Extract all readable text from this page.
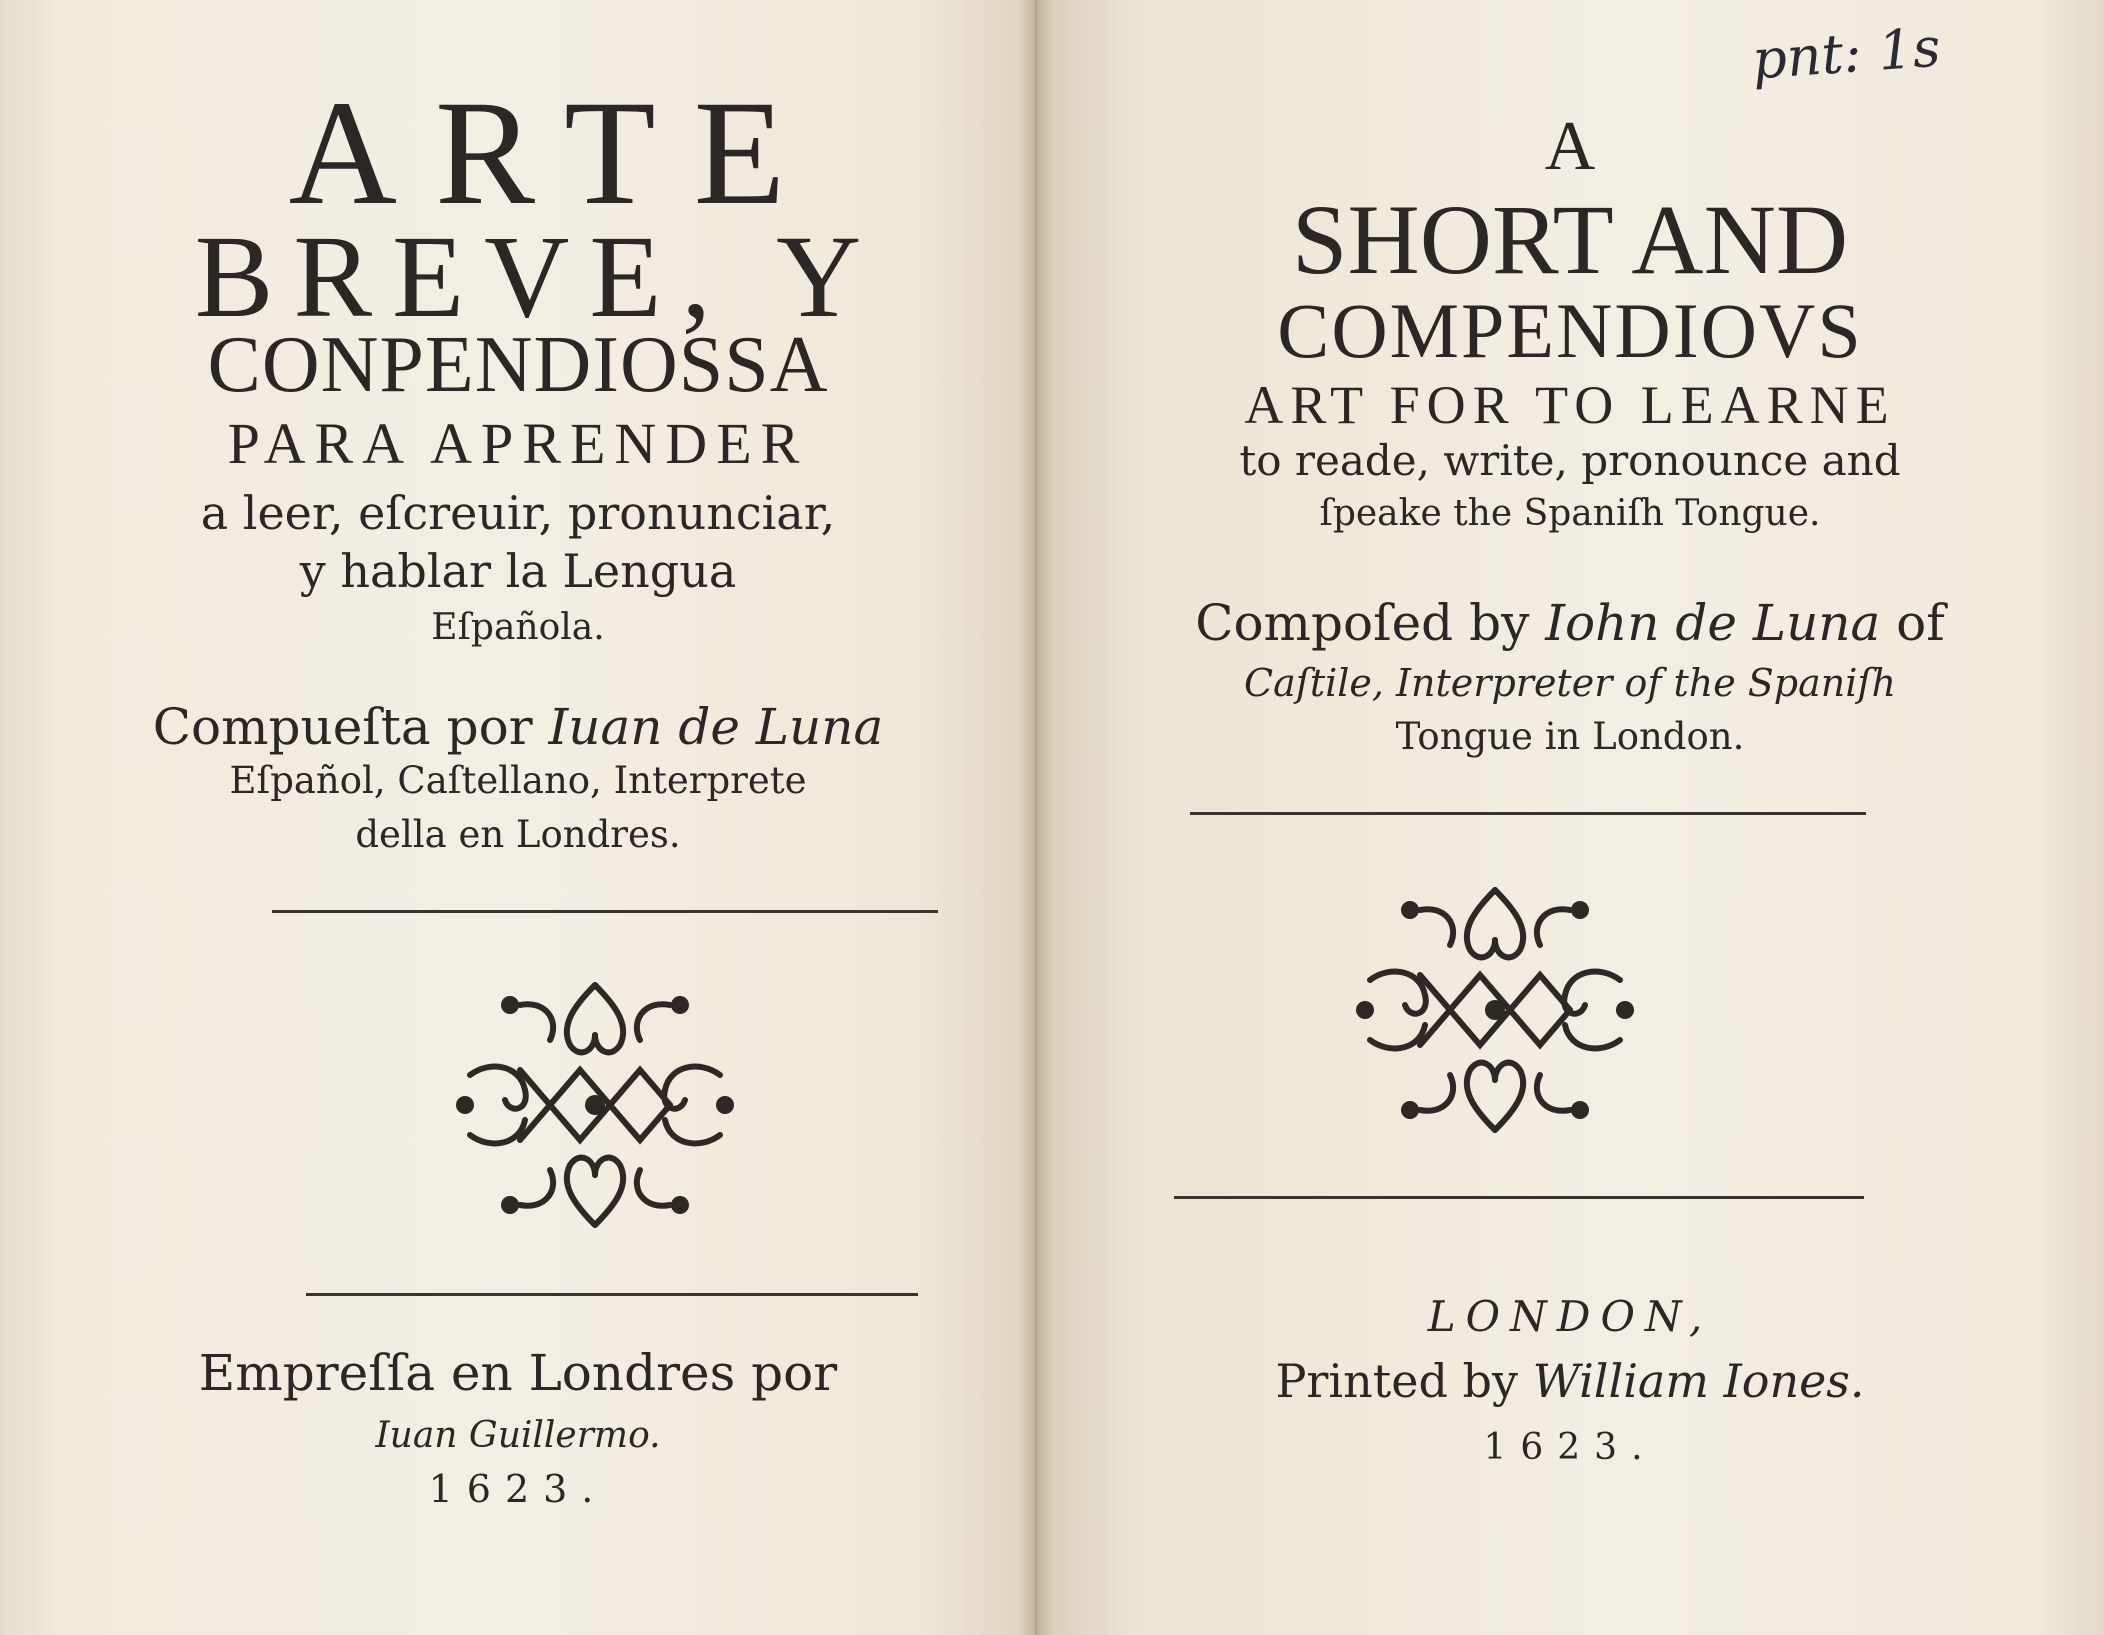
ARTE
BREVE, Y
CONPENDIOSSA
PARA APRENDER
a leer, eſcreuir, pronunciar,
y hablar la Lengua
Eſpañola.
Compueſta por Iuan de Luna
Eſpañol, Caſtellano, Interprete
della en Londres.
Empreſſa en Londres por
Iuan Guillermo.
1623.
pnt: 1s
A
SHORT AND
COMPENDIOVS
ART FOR TO LEARNE
to reade, write, pronounce and
ſpeake the Spaniſh Tongue.
Compoſed by Iohn de Luna of
Caſtile, Interpreter of the Spaniſh
Tongue in London.
LONDON,
Printed by William Iones.
1623.
